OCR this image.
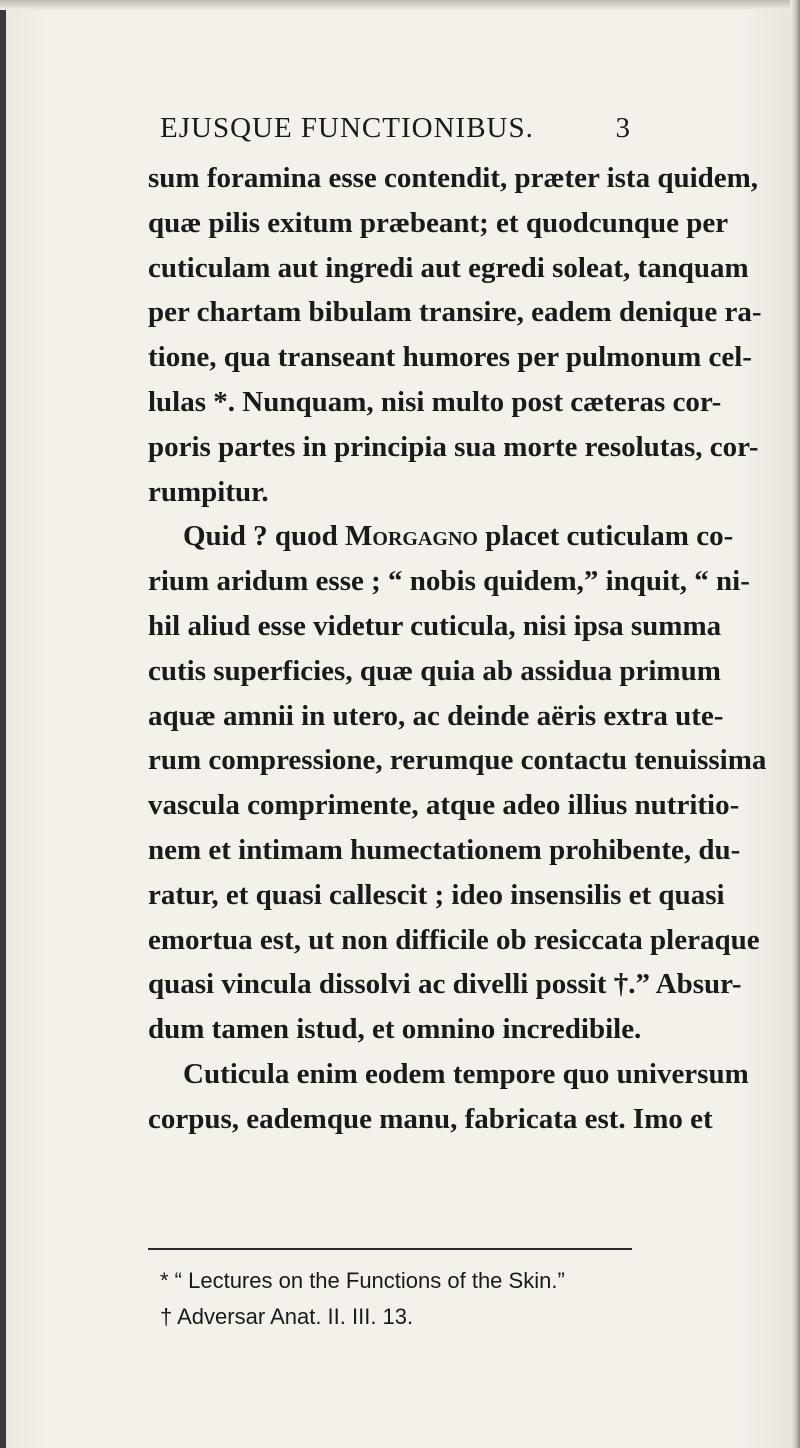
EJUSQUE FUNCTIONIBUS.	3
sum foramina esse contendit, præter ista quidem,
quæ pilis exitum præbeant; et quodcunque per
cuticulam aut ingredi aut egredi soleat, tanquam
per chartam bibulam transire, eadem denique ra-
tione, qua transeant humores per pulmonum cel-
lulas *. Nunquam, nisi multo post cæteras cor-
poris partes in principia sua morte resolutas, cor-
rumpitur.
Quid ? quod Morgagno placet cuticulam co-
rium aridum esse ; “ nobis quidem,” inquit, “ ni-
hil aliud esse videtur cuticula, nisi ipsa summa
cutis superficies, quæ quia ab assidua primum
aquæ amnii in utero, ac deinde aëris extra ute-
rum compressione, rerumque contactu tenuissima
vascula comprimente, atque adeo illius nutritio-
nem et intimam humectationem prohibente, du-
ratur, et quasi callescit ; ideo insensilis et quasi
emortua est, ut non difficile ob resiccata pleraque
quasi vincula dissolvi ac divelli possit †.” Absur-
dum tamen istud, et omnino incredibile.
Cuticula enim eodem tempore quo universum
corpus, eademque manu, fabricata est. Imo et
* “ Lectures on the Functions of the Skin.”
† Adversar Anat. II. III. 13.
